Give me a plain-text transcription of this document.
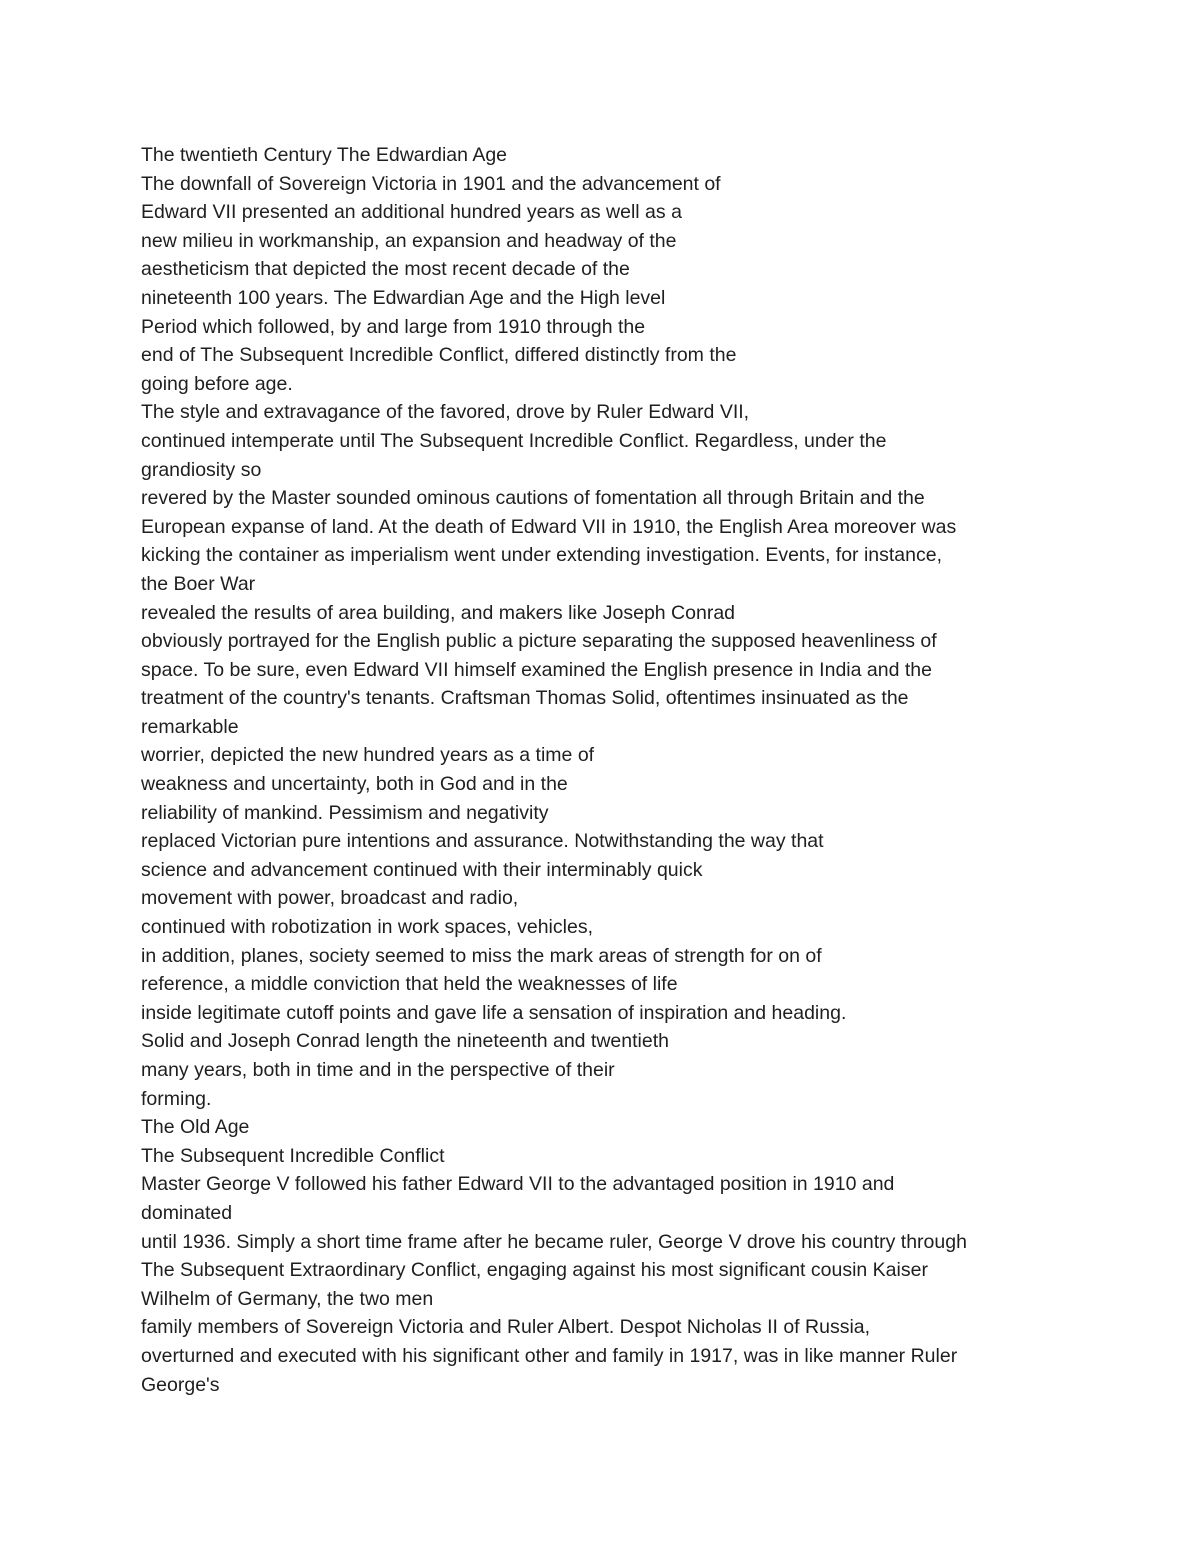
The twentieth Century The Edwardian Age
The downfall of Sovereign Victoria in 1901 and the advancement of
Edward VII presented an additional hundred years as well as a
new milieu in workmanship, an expansion and headway of the
aestheticism that depicted the most recent decade of the
nineteenth 100 years. The Edwardian Age and the High level
Period which followed, by and large from 1910 through the
end of The Subsequent Incredible Conflict, differed distinctly from the
going before age.
The style and extravagance of the favored, drove by Ruler Edward VII,
continued intemperate until The Subsequent Incredible Conflict. Regardless, under the
grandiosity so
revered by the Master sounded ominous cautions of fomentation all through Britain and the
European expanse of land. At the death of Edward VII in 1910, the English Area moreover was
kicking the container as imperialism went under extending investigation. Events, for instance,
the Boer War
revealed the results of area building, and makers like Joseph Conrad
obviously portrayed for the English public a picture separating the supposed heavenliness of
space. To be sure, even Edward VII himself examined the English presence in India and the
treatment of the country's tenants. Craftsman Thomas Solid, oftentimes insinuated as the
remarkable
worrier, depicted the new hundred years as a time of
weakness and uncertainty, both in God and in the
reliability of mankind. Pessimism and negativity
replaced Victorian pure intentions and assurance. Notwithstanding the way that
science and advancement continued with their interminably quick
movement with power, broadcast and radio,
continued with robotization in work spaces, vehicles,
in addition, planes, society seemed to miss the mark areas of strength for on of
reference, a middle conviction that held the weaknesses of life
inside legitimate cutoff points and gave life a sensation of inspiration and heading.
Solid and Joseph Conrad length the nineteenth and twentieth
many years, both in time and in the perspective of their
forming.
The Old Age
The Subsequent Incredible Conflict
Master George V followed his father Edward VII to the advantaged position in 1910 and
dominated
until 1936. Simply a short time frame after he became ruler, George V drove his country through
The Subsequent Extraordinary Conflict, engaging against his most significant cousin Kaiser
Wilhelm of Germany, the two men
family members of Sovereign Victoria and Ruler Albert. Despot Nicholas II of Russia,
overturned and executed with his significant other and family in 1917, was in like manner Ruler
George's
